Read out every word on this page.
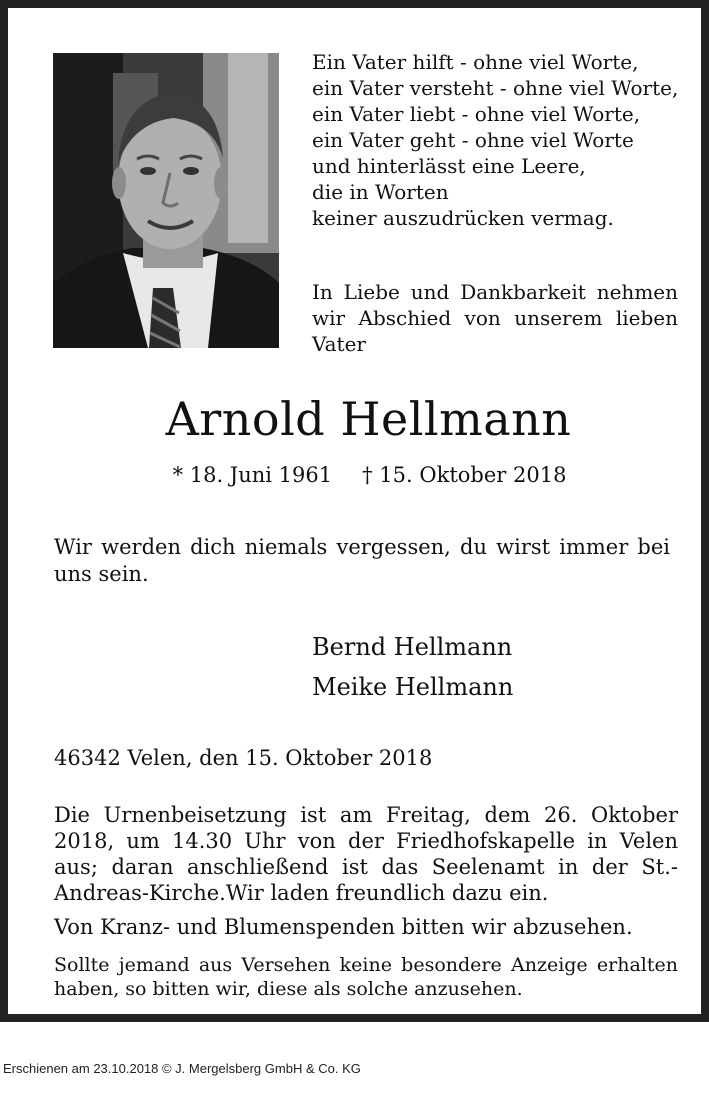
Ein Vater hilft - ohne viel Worte,
ein Vater versteht - ohne viel Worte,
ein Vater liebt - ohne viel Worte,
ein Vater geht - ohne viel Worte
und hinterlässt eine Leere,
die in Worten
keiner auszudrücken vermag.

In Liebe und Dankbarkeit nehmen wir Abschied von unserem lieben Vater

Arnold Hellmann
* 18. Juni 1961 † 15. Oktober 2018

Wir werden dich niemals vergessen, du wirst immer bei uns sein.

Bernd Hellmann
Meike Hellmann
46342 Velen, den 15. Oktober 2018

Die Urnenbeisetzung ist am Freitag, dem 26. Oktober 2018, um 14.30 Uhr von der Friedhofskapelle in Velen aus; daran anschließend ist das Seelenamt in der St.-Andreas-Kirche.Wir laden freundlich dazu ein.

Von Kranz- und Blumenspenden bitten wir abzusehen.

Sollte jemand aus Versehen keine besondere Anzeige erhalten haben, so bitten wir, diese als solche anzusehen.

Erschienen am 23.10.2018 © J. Mergelsberg GmbH & Co. KG
